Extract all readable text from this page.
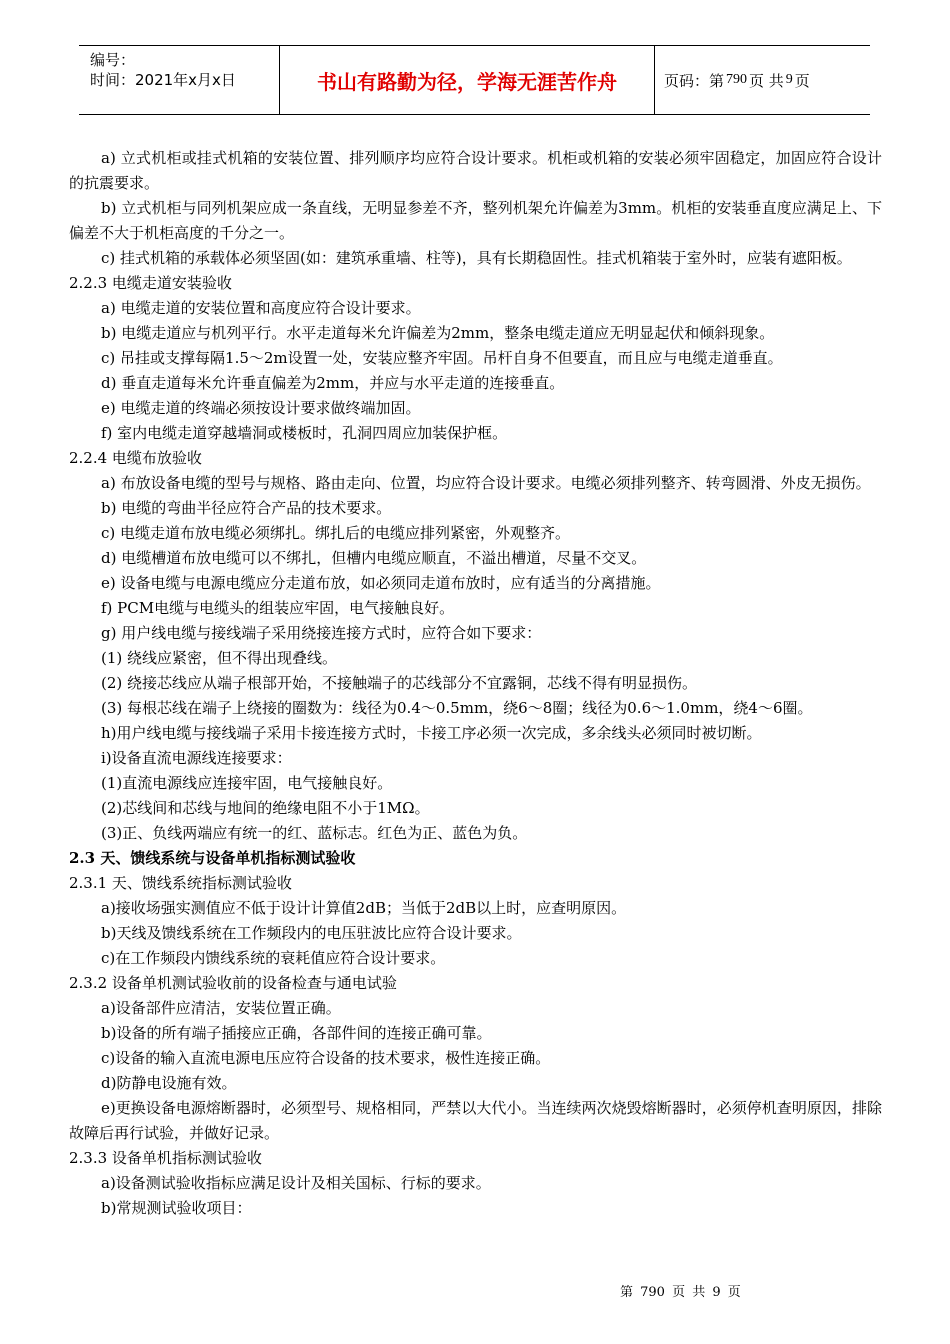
编号：
时间：2021年x月x日	书山有路勤为径，学海无涯苦作舟	页码：第 790 页 共 9 页

a) 立式机柜或挂式机箱的安装位置、排列顺序均应符合设计要求。机柜或机箱的安装必须牢固稳定，加固应符合设计的抗震要求。

b) 立式机柜与同列机架应成一条直线，无明显参差不齐，整列机架允许偏差为3mm。机柜的安装垂直度应满足上、下偏差不大于机柜高度的千分之一。

c) 挂式机箱的承载体必须坚固(如：建筑承重墙、柱等)，具有长期稳固性。挂式机箱装于室外时，应装有遮阳板。

2.2.3 电缆走道安装验收

a) 电缆走道的安装位置和高度应符合设计要求。

b) 电缆走道应与机列平行。水平走道每米允许偏差为2mm，整条电缆走道应无明显起伏和倾斜现象。

c) 吊挂或支撑每隔1.5～2m设置一处，安装应整齐牢固。吊杆自身不但要直，而且应与电缆走道垂直。

d) 垂直走道每米允许垂直偏差为2mm，并应与水平走道的连接垂直。

e) 电缆走道的终端必须按设计要求做终端加固。

f) 室内电缆走道穿越墙洞或楼板时，孔洞四周应加装保护框。

2.2.4 电缆布放验收

a) 布放设备电缆的型号与规格、路由走向、位置，均应符合设计要求。电缆必须排列整齐、转弯圆滑、外皮无损伤。

b) 电缆的弯曲半径应符合产品的技术要求。

c) 电缆走道布放电缆必须绑扎。绑扎后的电缆应排列紧密，外观整齐。

d) 电缆槽道布放电缆可以不绑扎，但槽内电缆应顺直，不溢出槽道，尽量不交叉。

e) 设备电缆与电源电缆应分走道布放，如必须同走道布放时，应有适当的分离措施。

f) PCM电缆与电缆头的组装应牢固，电气接触良好。

g) 用户线电缆与接线端子采用绕接连接方式时，应符合如下要求：

(1) 绕线应紧密，但不得出现叠线。

(2) 绕接芯线应从端子根部开始，不接触端子的芯线部分不宜露铜，芯线不得有明显损伤。

(3) 每根芯线在端子上绕接的圈数为：线径为0.4～0.5mm，绕6～8圈；线径为0.6～1.0mm，绕4～6圈。

h)用户线电缆与接线端子采用卡接连接方式时，卡接工序必须一次完成，多余线头必须同时被切断。

i)设备直流电源线连接要求：

(1)直流电源线应连接牢固，电气接触良好。

(2)芯线间和芯线与地间的绝缘电阻不小于1MΩ。

(3)正、负线两端应有统一的红、蓝标志。红色为正、蓝色为负。

2.3 天、馈线系统与设备单机指标测试验收

2.3.1 天、馈线系统指标测试验收

a)接收场强实测值应不低于设计计算值2dB；当低于2dB以上时，应查明原因。

b)天线及馈线系统在工作频段内的电压驻波比应符合设计要求。

c)在工作频段内馈线系统的衰耗值应符合设计要求。

2.3.2 设备单机测试验收前的设备检查与通电试验

a)设备部件应清洁，安装位置正确。

b)设备的所有端子插接应正确，各部件间的连接正确可靠。

c)设备的输入直流电源电压应符合设备的技术要求，极性连接正确。

d)防静电设施有效。

e)更换设备电源熔断器时，必须型号、规格相同，严禁以大代小。当连续两次烧毁熔断器时，必须停机查明原因，排除故障后再行试验，并做好记录。

2.3.3 设备单机指标测试验收

a)设备测试验收指标应满足设计及相关国标、行标的要求。

b)常规测试验收项目：

第 790 页 共 9 页
